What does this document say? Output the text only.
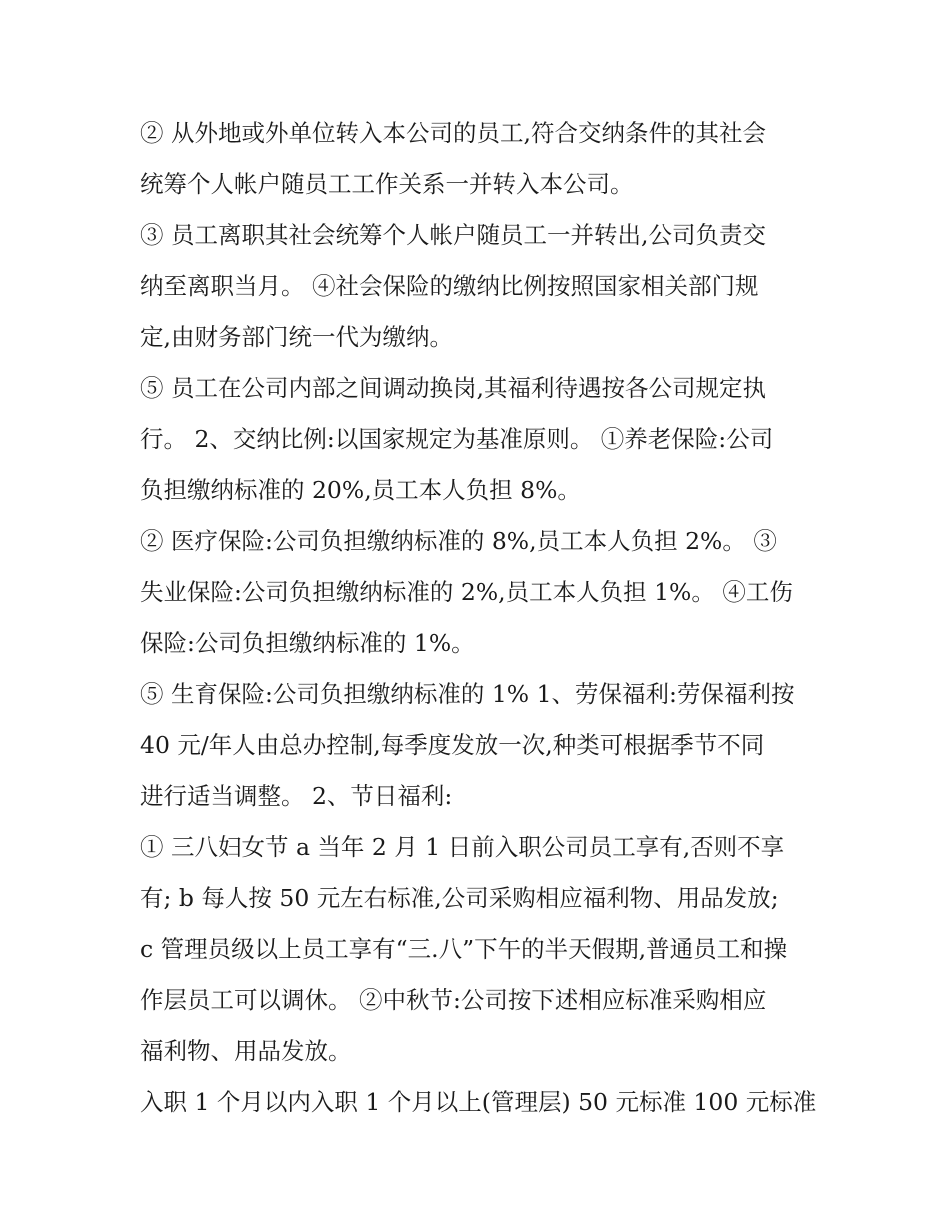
② 从外地或外单位转入本公司的员工,符合交纳条件的其社会
统筹个人帐户随员工工作关系一并转入本公司。
③ 员工离职其社会统筹个人帐户随员工一并转出,公司负责交
纳至离职当月。 ④社会保险的缴纳比例按照国家相关部门规
定,由财务部门统一代为缴纳。
⑤ 员工在公司内部之间调动换岗,其福利待遇按各公司规定执
行。 2、交纳比例:以国家规定为基准原则。 ①养老保险:公司
负担缴纳标准的 20%,员工本人负担 8%。
② 医疗保险:公司负担缴纳标准的 8%,员工本人负担 2%。 ③
失业保险:公司负担缴纳标准的 2%,员工本人负担 1%。 ④工伤
保险:公司负担缴纳标准的 1%。
⑤ 生育保险:公司负担缴纳标准的 1% 1、劳保福利:劳保福利按
40 元/年人由总办控制,每季度发放一次,种类可根据季节不同
进行适当调整。 2、节日福利:
① 三八妇女节 a 当年 2 月 1 日前入职公司员工享有,否则不享
有; b 每人按 50 元左右标准,公司采购相应福利物、用品发放;
c 管理员级以上员工享有“三.八”下午的半天假期,普通员工和操
作层员工可以调休。 ②中秋节:公司按下述相应标准采购相应
福利物、用品发放。
入职 1 个月以内入职 1 个月以上(管理层) 50 元标准 100 元标准
